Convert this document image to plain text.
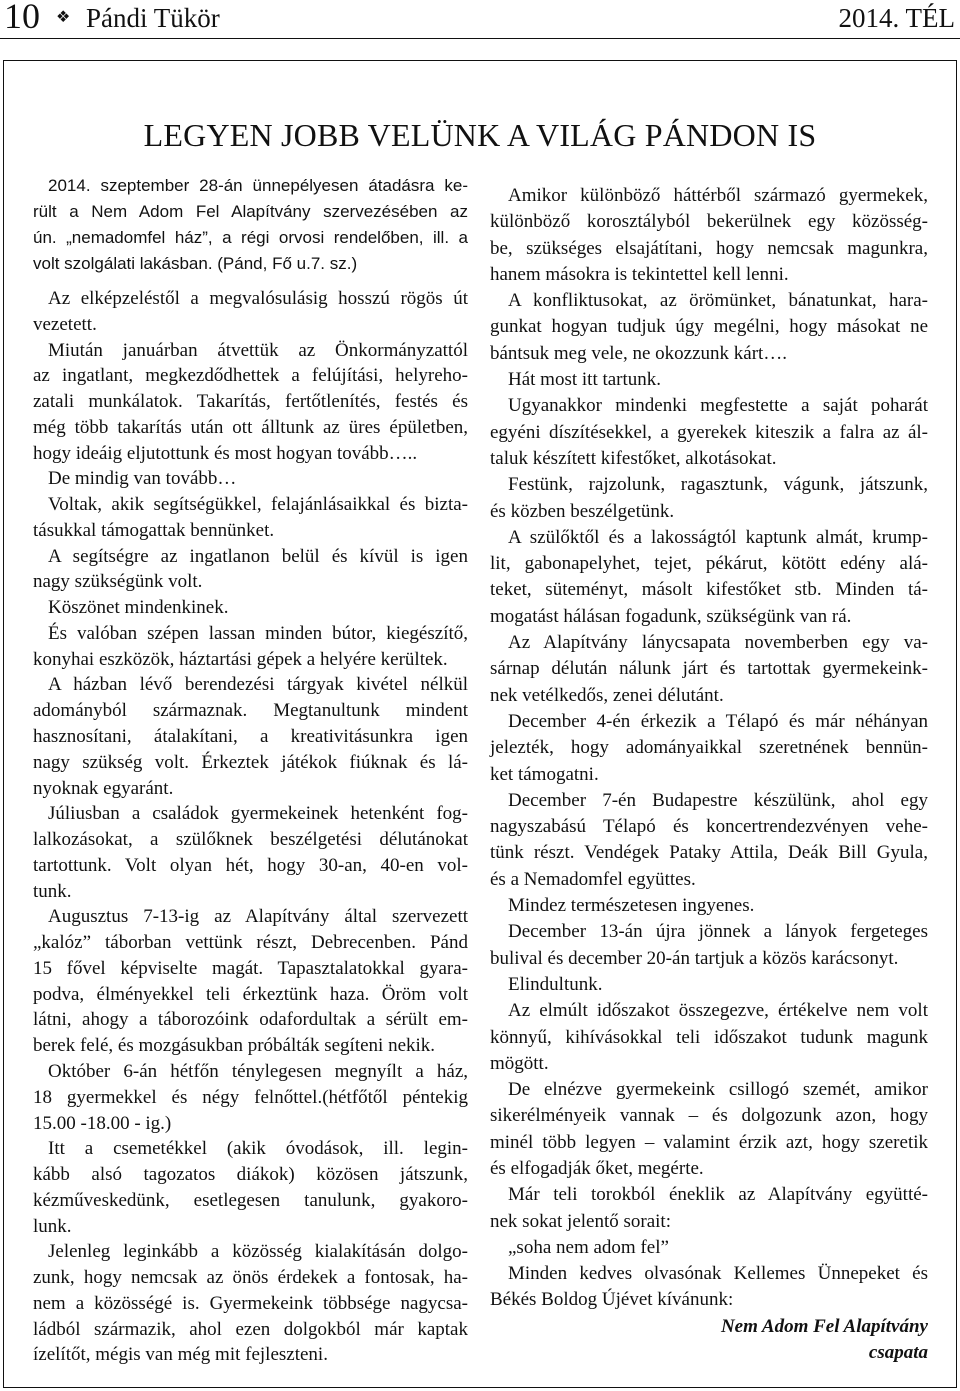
10 ❖ Pándi Tükör	2014. TÉL
LEGYEN JOBB VELÜNK A VILÁG PÁNDON IS
2014. szeptember 28-án ünnepélyesen átadásra ke-
rült a Nem Adom Fel Alapítvány szervezésében az
ún. „nemadomfel ház”, a régi orvosi rendelőben, ill. a
volt szolgálati lakásban. (Pánd, Fő u.7. sz.)
Az elképzeléstől a megvalósulásig hosszú rögös út
vezetett.
Miután januárban átvettük az Önkormányzattól
az ingatlant, megkezdődhettek a felújítási, helyreho-
zatali munkálatok. Takarítás, fertőtlenítés, festés és
még több takarítás után ott álltunk az üres épületben,
hogy ideáig eljutottunk és most hogyan tovább…..
De mindig van tovább…
Voltak, akik segítségükkel, felajánlásaikkal és bizta-
tásukkal támogattak bennünket.
A segítségre az ingatlanon belül és kívül is igen
nagy szükségünk volt.
Köszönet mindenkinek.
És valóban szépen lassan minden bútor, kiegészítő,
konyhai eszközök, háztartási gépek a helyére kerültek.
A házban lévő berendezési tárgyak kivétel nélkül
adományból származnak. Megtanultunk mindent
hasznosítani, átalakítani, a kreativitásunkra igen
nagy szükség volt. Érkeztek játékok fiúknak és lá-
nyoknak egyaránt.
Júliusban a családok gyermekeinek hetenként fog-
lalkozásokat, a szülőknek beszélgetési délutánokat
tartottunk. Volt olyan hét, hogy 30-an, 40-en vol-
tunk.
Augusztus 7-13-ig az Alapítvány által szervezett
„kalóz” táborban vettünk részt, Debrecenben. Pánd
15 fővel képviselte magát. Tapasztalatokkal gyara-
podva, élményekkel teli érkeztünk haza. Öröm volt
látni, ahogy a táborozóink odafordultak a sérült em-
berek felé, és mozgásukban próbálták segíteni nekik.
Október 6-án hétfőn ténylegesen megnyílt a ház,
18 gyermekkel és négy felnőttel.(hétfőtől péntekig
15.00 -18.00 - ig.)
Itt a csemetékkel (akik óvodások, ill. legin-
kább alsó tagozatos diákok) közösen játszunk,
kézműveskedünk, esetlegesen tanulunk, gyakoro-
lunk.
Jelenleg leginkább a közösség kialakításán dolgo-
zunk, hogy nemcsak az önös érdekek a fontosak, ha-
nem a közösségé is. Gyermekeink többsége nagycsa-
ládból származik, ahol ezen dolgokból már kaptak
ízelítőt, mégis van még mit fejleszteni.
Amikor különböző háttérből származó gyermekek,
különböző korosztályból bekerülnek egy közösség-
be, szükséges elsajátítani, hogy nemcsak magunkra,
hanem másokra is tekintettel kell lenni.
A konfliktusokat, az örömünket, bánatunkat, hara-
gunkat hogyan tudjuk úgy megélni, hogy másokat ne
bántsuk meg vele, ne okozzunk kárt….
Hát most itt tartunk.
Ugyanakkor mindenki megfestette a saját poharát
egyéni díszítésekkel, a gyerekek kiteszik a falra az ál-
taluk készített kifestőket, alkotásokat.
Festünk, rajzolunk, ragasztunk, vágunk, játszunk,
és közben beszélgetünk.
A szülőktől és a lakosságtól kaptunk almát, krump-
lit, gabonapelyhet, tejet, pékárut, kötött edény alá-
teket, süteményt, másolt kifestőket stb. Minden tá-
mogatást hálásan fogadunk, szükségünk van rá.
Az Alapítvány lánycsapata novemberben egy va-
sárnap délután nálunk járt és tartottak gyermekeink-
nek vetélkedős, zenei délutánt.
December 4-én érkezik a Télapó és már néhányan
jelezték, hogy adományaikkal szeretnének bennün-
ket támogatni.
December 7-én Budapestre készülünk, ahol egy
nagyszabású Télapó és koncertrendezvényen vehe-
tünk részt. Vendégek Pataky Attila, Deák Bill Gyula,
és a Nemadomfel együttes.
Mindez természetesen ingyenes.
December 13-án újra jönnek a lányok fergeteges
bulival és december 20-án tartjuk a közös karácsonyt.
Elindultunk.
Az elmúlt időszakot összegezve, értékelve nem volt
könnyű, kihívásokkal teli időszakot tudunk magunk
mögött.
De elnézve gyermekeink csillogó szemét, amikor
sikerélményeik vannak – és dolgozunk azon, hogy
minél több legyen – valamint érzik azt, hogy szeretik
és elfogadják őket, megérte.
Már teli torokból éneklik az Alapítvány együtté-
nek sokat jelentő sorait:
„soha nem adom fel”
Minden kedves olvasónak Kellemes Ünnepeket és
Békés Boldog Újévet kívánunk:
Nem Adom Fel Alapítvány
csapata
